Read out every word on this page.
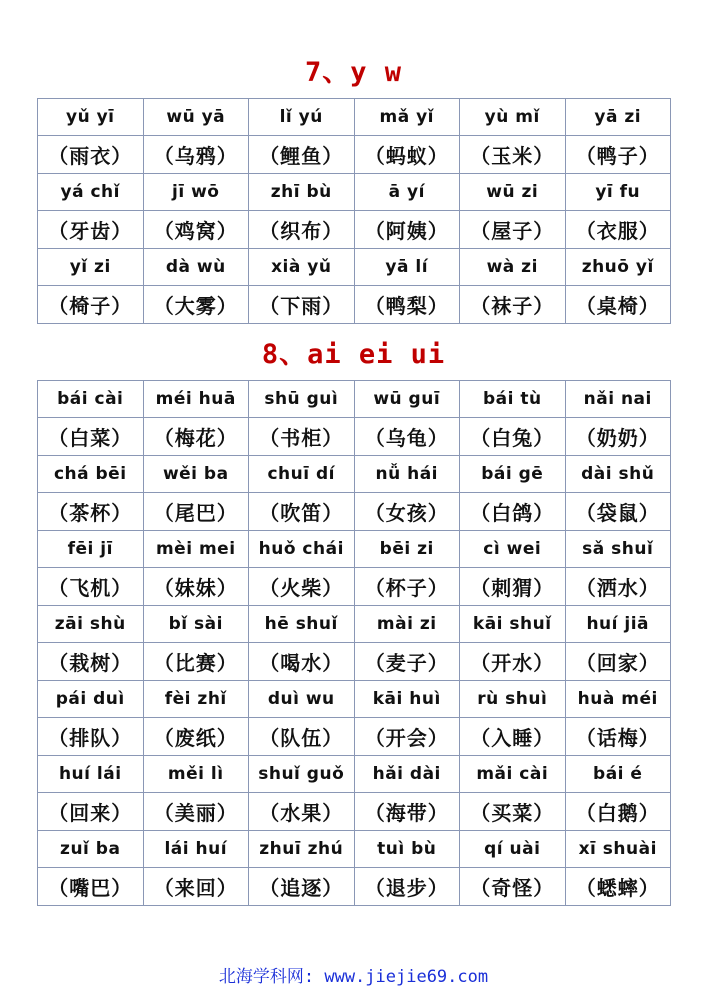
7、y w
yǔ yī	wū yā	lǐ yú	mǎ yǐ	yù mǐ	yā zi
（雨衣）	（乌鸦）	（鲤鱼）	（蚂蚁）	（玉米）	（鸭子）
yá chǐ	jī wō	zhī bù	ā yí	wū zi	yī fu
（牙齿）	（鸡窝）	（织布）	（阿姨）	（屋子）	（衣服）
yǐ zi	dà wù	xià yǔ	yā lí	wà zi	zhuō yǐ
（椅子）	（大雾）	（下雨）	（鸭梨）	（袜子）	（桌椅）
8、ai ei ui
bái cài	méi huā	shū guì	wū guī	bái tù	nǎi nai
（白菜）	（梅花）	（书柜）	（乌龟）	（白兔）	（奶奶）
chá bēi	wěi ba	chuī dí	nǚ hái	bái gē	dài shǔ
（茶杯）	（尾巴）	（吹笛）	（女孩）	（白鸽）	（袋鼠）
fēi jī	mèi mei	huǒ chái	bēi zi	cì wei	sǎ shuǐ
（飞机）	（妹妹）	（火柴）	（杯子）	（刺猬）	（洒水）
zāi shù	bǐ sài	hē shuǐ	mài zi	kāi shuǐ	huí jiā
（栽树）	（比赛）	（喝水）	（麦子）	（开水）	（回家）
pái duì	fèi zhǐ	duì wu	kāi huì	rù shuì	huà méi
（排队）	（废纸）	（队伍）	（开会）	（入睡）	（话梅）
huí lái	měi lì	shuǐ guǒ	hǎi dài	mǎi cài	bái é
（回来）	（美丽）	（水果）	（海带）	（买菜）	（白鹅）
zuǐ ba	lái huí	zhuī zhú	tuì bù	qí uài	xī shuài
（嘴巴）	（来回）	（追逐）	（退步）	（奇怪）	（蟋蟀）
北海学科网: www.jiejie69.com
